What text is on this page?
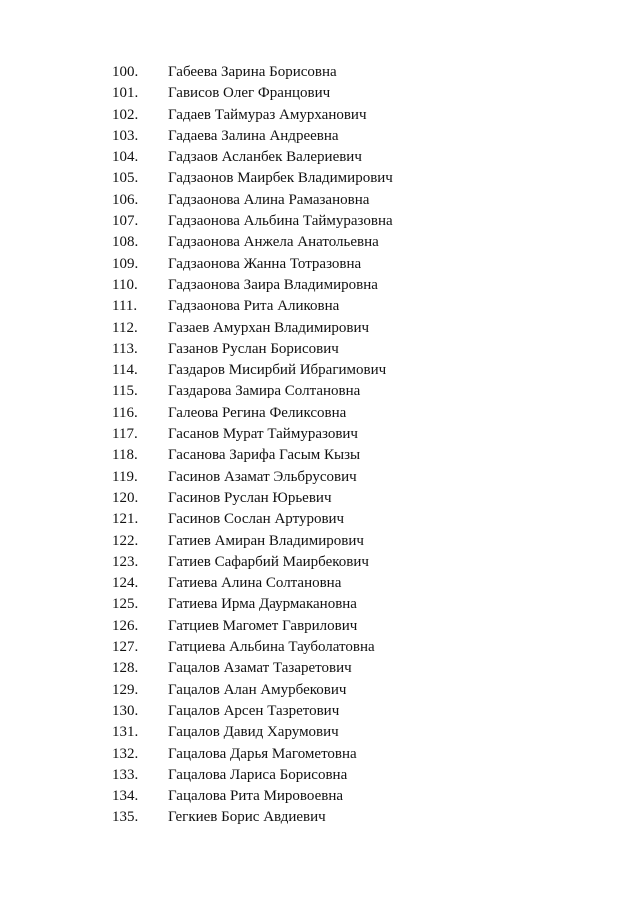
100. Габеева Зарина Борисовна
101. Гависов Олег Францович
102. Гадаев Таймураз Амурханович
103. Гадаева Залина Андреевна
104. Гадзаов Асланбек Валериевич
105. Гадзаонов Маирбек Владимирович
106. Гадзаонова Алина Рамазановна
107. Гадзаонова Альбина Таймуразовна
108. Гадзаонова Анжела Анатольевна
109. Гадзаонова Жанна Тотразовна
110. Гадзаонова Заира Владимировна
111. Гадзаонова Рита Аликовна
112. Газаев Амурхан Владимирович
113. Газанов Руслан Борисович
114. Газдаров Мисирбий Ибрагимович
115. Газдарова Замира Солтановна
116. Галеова Регина Феликсовна
117. Гасанов Мурат Таймуразович
118. Гасанова Зарифа Гасым Кызы
119. Гасинов Азамат Эльбрусович
120. Гасинов Руслан Юрьевич
121. Гасинов Сослан Артурович
122. Гатиев Амиран Владимирович
123. Гатиев Сафарбий Маирбекович
124. Гатиева Алина Солтановна
125. Гатиева Ирма Даурмакановна
126. Гатциев Магомет Гаврилович
127. Гатциева Альбина Тауболатовна
128. Гацалов Азамат Тазаретович
129. Гацалов Алан Амурбекович
130. Гацалов Арсен Тазретович
131. Гацалов Давид Харумович
132. Гацалова Дарья Магометовна
133. Гацалова Лариса Борисовна
134. Гацалова Рита Мировоевна
135. Гегкиев Борис Авдиевич
